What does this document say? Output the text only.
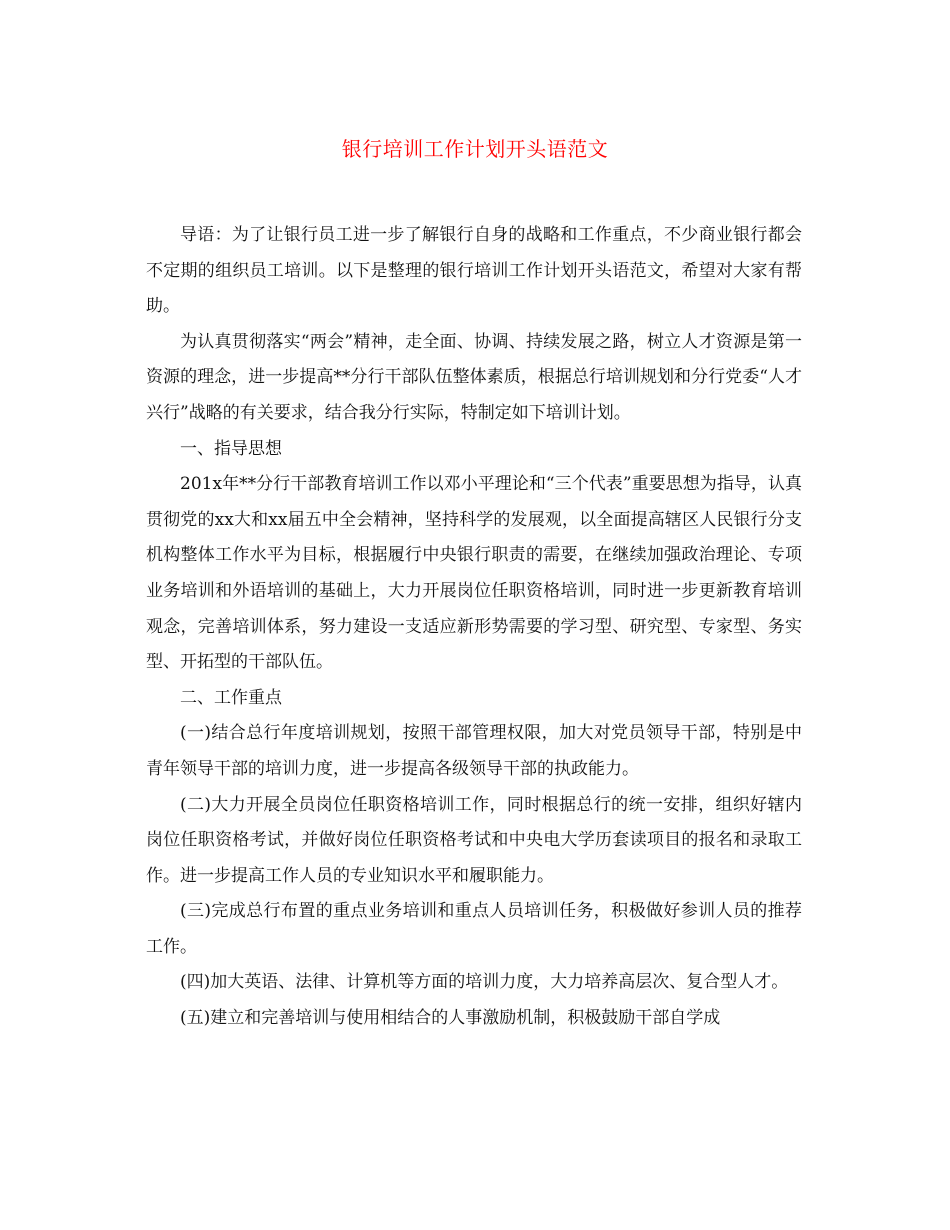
银行培训工作计划开头语范文

导语：为了让银行员工进一步了解银行自身的战略和工作重点，不少商业银行都会不定期的组织员工培训。以下是整理的银行培训工作计划开头语范文，希望对大家有帮助。

为认真贯彻落实“两会”精神，走全面、协调、持续发展之路，树立人才资源是第一资源的理念，进一步提高**分行干部队伍整体素质，根据总行培训规划和分行党委“人才兴行”战略的有关要求，结合我分行实际，特制定如下培训计划。

一、指导思想

201x年**分行干部教育培训工作以邓小平理论和“三个代表”重要思想为指导，认真贯彻党的xx大和xx届五中全会精神，坚持科学的发展观，以全面提高辖区人民银行分支机构整体工作水平为目标，根据履行中央银行职责的需要，在继续加强政治理论、专项业务培训和外语培训的基础上，大力开展岗位任职资格培训，同时进一步更新教育培训观念，完善培训体系，努力建设一支适应新形势需要的学习型、研究型、专家型、务实型、开拓型的干部队伍。

二、工作重点

(一)结合总行年度培训规划，按照干部管理权限，加大对党员领导干部，特别是中青年领导干部的培训力度，进一步提高各级领导干部的执政能力。

(二)大力开展全员岗位任职资格培训工作，同时根据总行的统一安排，组织好辖内岗位任职资格考试，并做好岗位任职资格考试和中央电大学历套读项目的报名和录取工作。进一步提高工作人员的专业知识水平和履职能力。

(三)完成总行布置的重点业务培训和重点人员培训任务，积极做好参训人员的推荐工作。

(四)加大英语、法律、计算机等方面的培训力度，大力培养高层次、复合型人才。

(五)建立和完善培训与使用相结合的人事激励机制，积极鼓励干部自学成
